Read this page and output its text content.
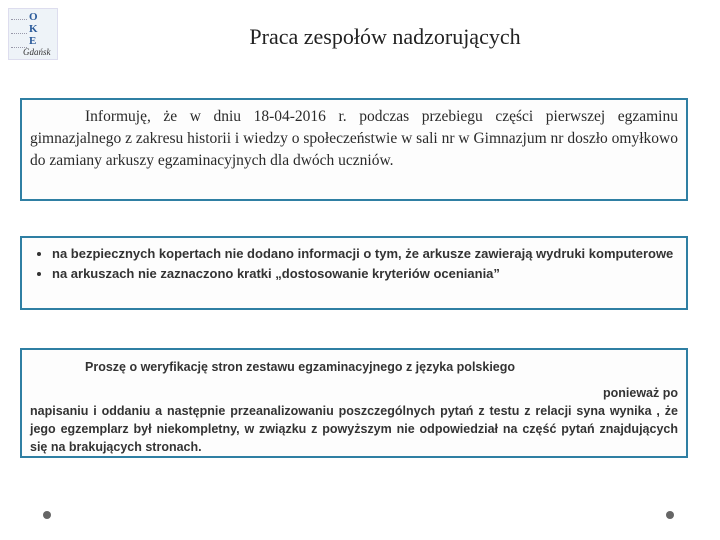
O
K
E
Gdańsk
Praca zespołów nadzorujących

Informuję, że w dniu 18-04-2016 r. podczas przebiegu części pierwszej egzaminu gimnazjalnego z zakresu historii i wiedzy o społeczeństwie w sali nr w Gimnazjum nr doszło omyłkowo do zamiany arkuszy egzaminacyjnych dla dwóch uczniów.

• na bezpiecznych kopertach nie dodano informacji o tym, że arkusze zawierają wydruki komputerowe
• na arkuszach nie zaznaczono kratki „dostosowanie kryteriów oceniania”

Proszę o weryfikację stron zestawu egzaminacyjnego z języka polskiego

ponieważ po

napisaniu i oddaniu a następnie przeanalizowaniu poszczególnych pytań z testu z relacji syna wynika , że jego egzemplarz był niekompletny, w związku z powyższym nie odpowiedział na część pytań znajdujących się na brakujących stronach.
